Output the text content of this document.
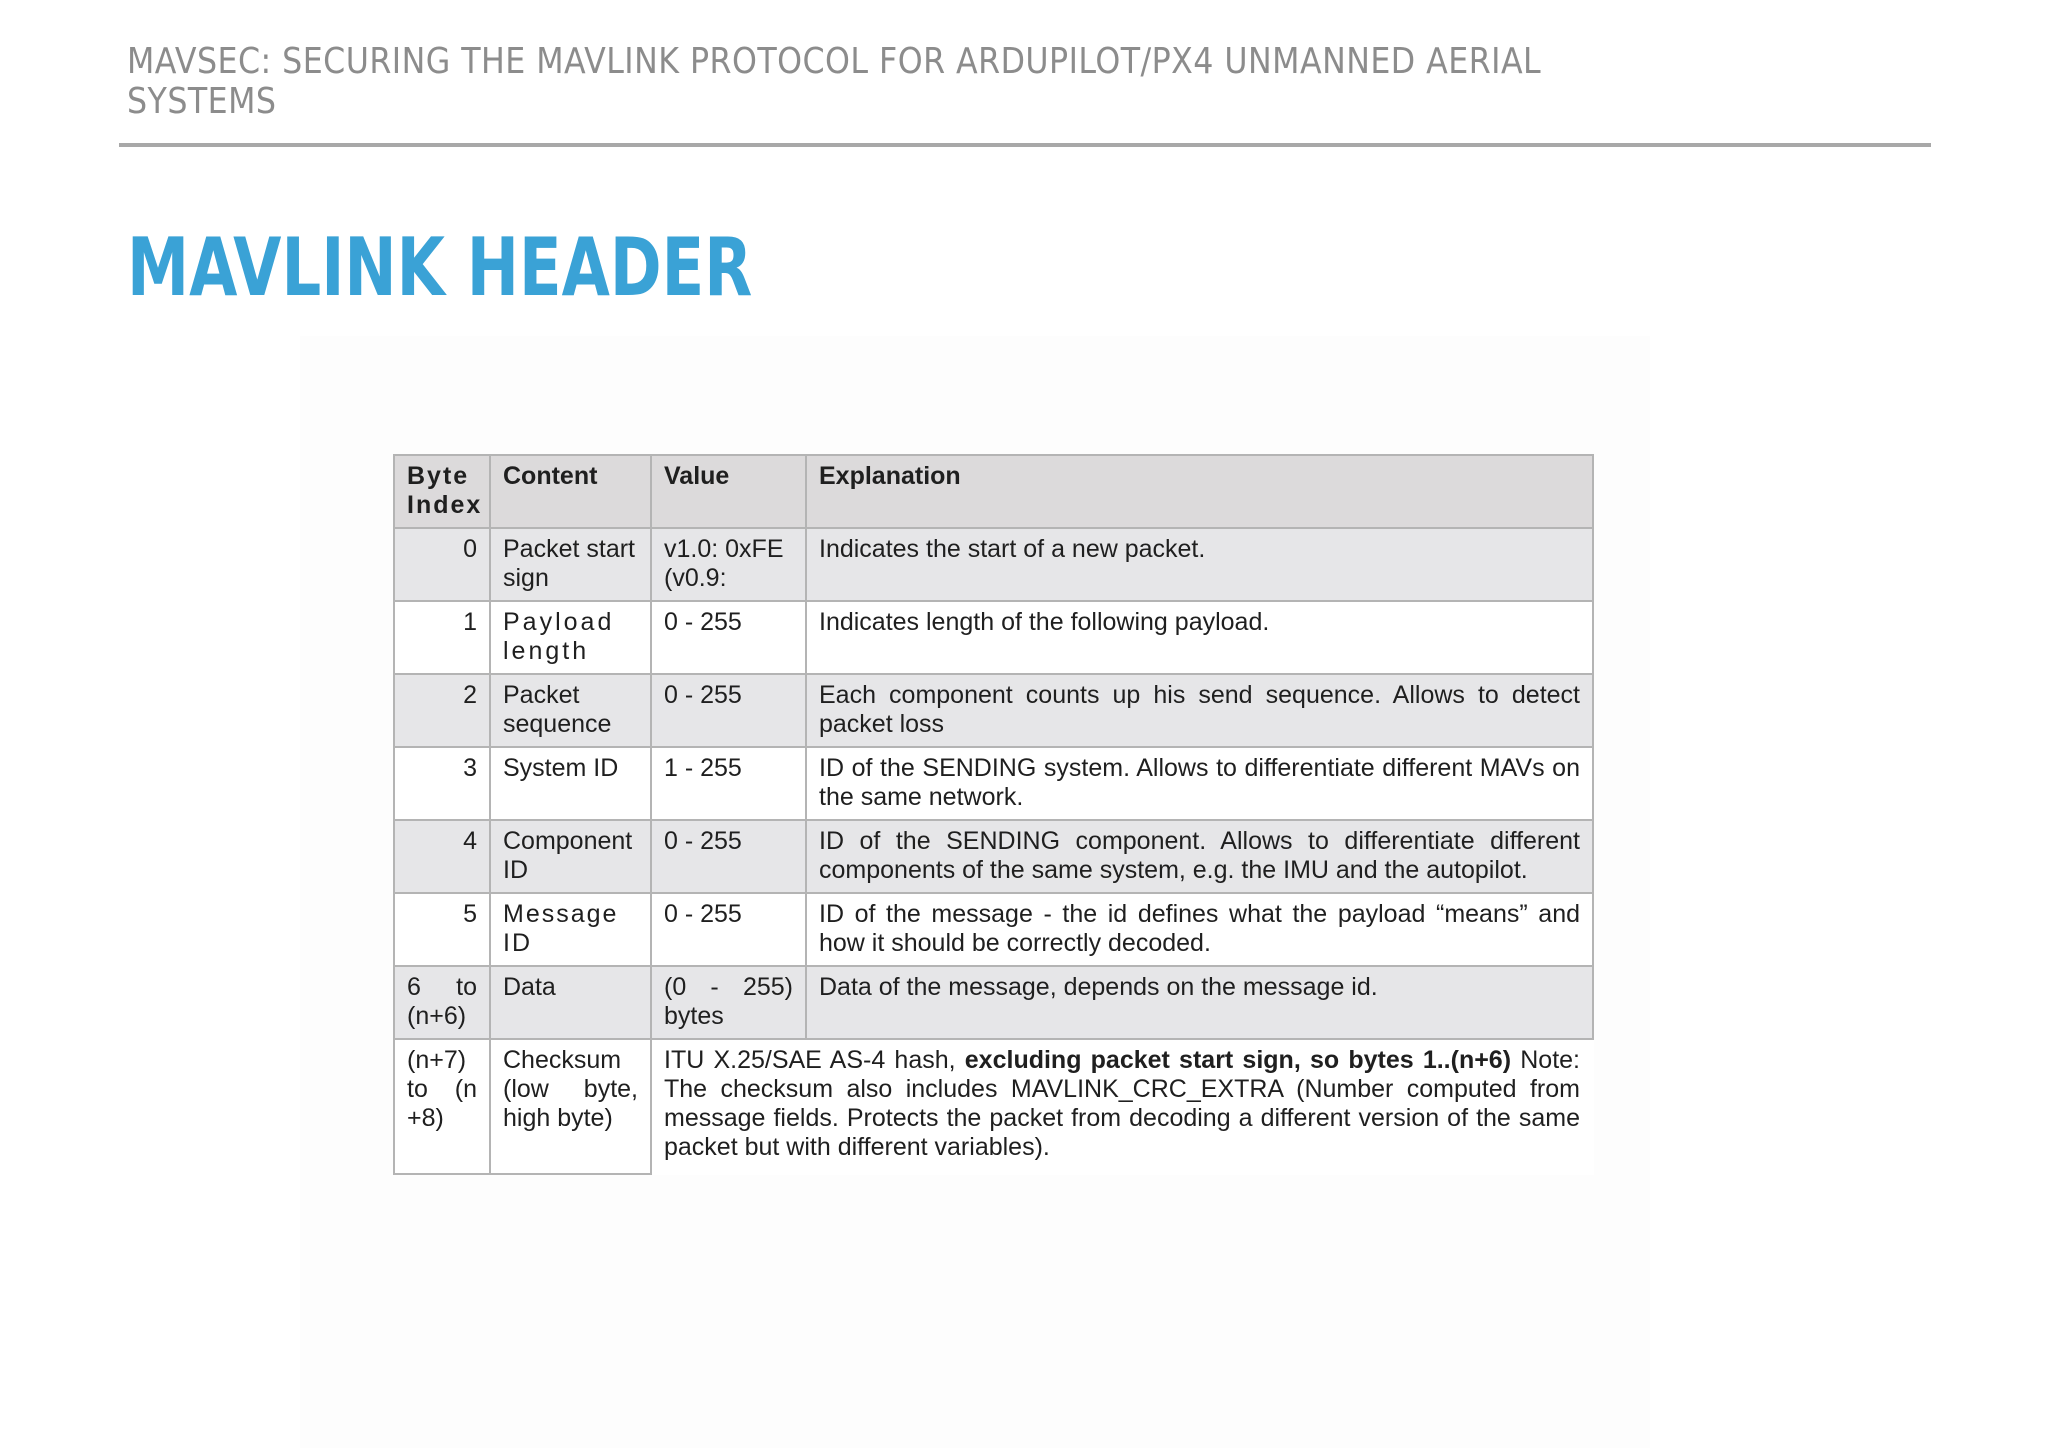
MAVSEC: SECURING THE MAVLINK PROTOCOL FOR ARDUPILOT/PX4 UNMANNED AERIAL SYSTEMS
MAVLINK HEADER
Byte Index	Content	Value	Explanation
0	Packet start sign	v1.0: 0xFE (v0.9:	Indicates the start of a new packet.
1	Payload length	0 - 255	Indicates length of the following payload.
2	Packet sequence	0 - 255	Each component counts up his send sequence. Allows to detect packet loss
3	System ID	1 - 255	ID of the SENDING system. Allows to differentiate different MAVs on the same network.
4	Component ID	0 - 255	ID of the SENDING component. Allows to differentiate different components of the same system, e.g. the IMU and the autopilot.
5	Message ID	0 - 255	ID of the message - the id defines what the payload “means” and how it should be correctly decoded.
6 to (n+6)	Data	(0 - 255) bytes	Data of the message, depends on the message id.
(n+7) to (n +8)	Checksum (low byte, high byte)	ITU X.25/SAE AS-4 hash, excluding packet start sign, so bytes 1..(n+6) Note: The checksum also includes MAVLINK_CRC_EXTRA (Number computed from message fields. Protects the packet from decoding a different version of the same packet but with different variables).	
